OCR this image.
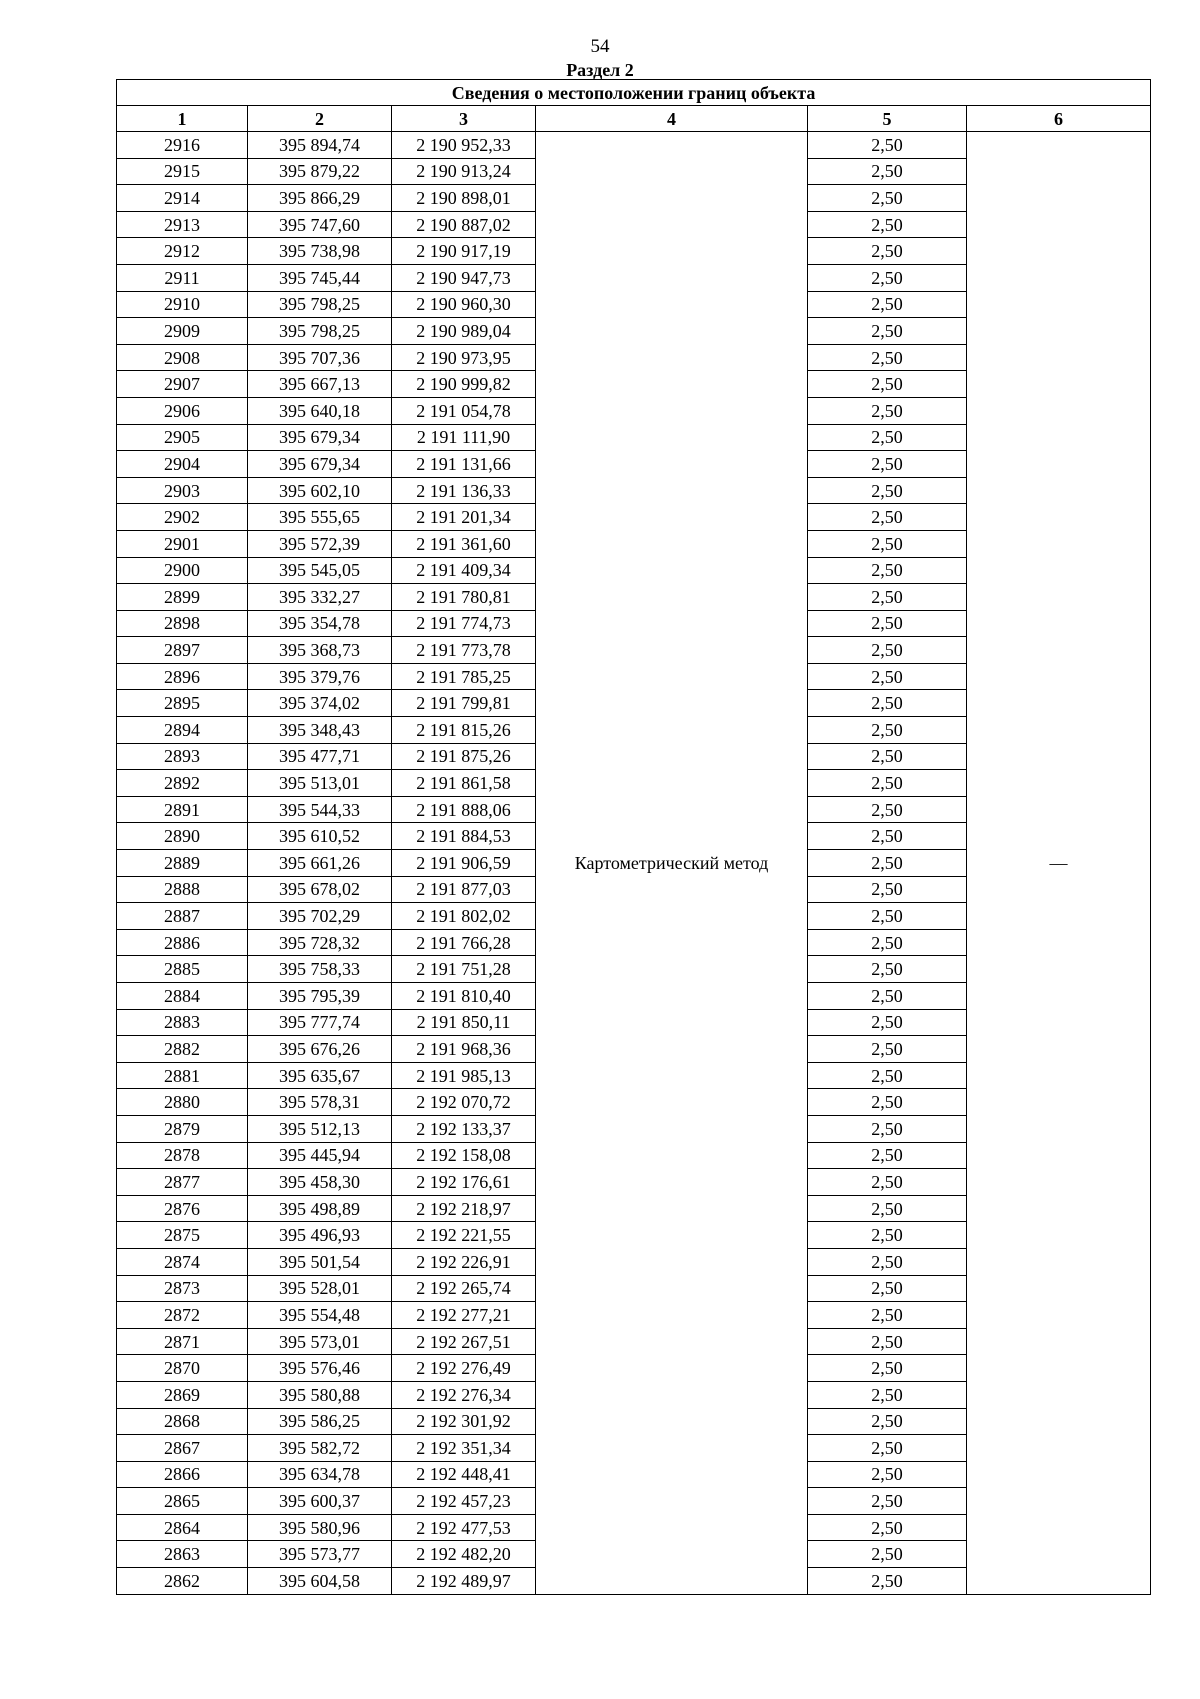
54
Раздел 2
Сведения о местоположении границ объекта					
1	2	3	4	5	6
2916	395 894,74	2 190 952,33	Картометрический метод	2,50	—
2915	395 879,22	2 190 913,24		2,50	
2914	395 866,29	2 190 898,01		2,50	
2913	395 747,60	2 190 887,02		2,50	
2912	395 738,98	2 190 917,19		2,50	
2911	395 745,44	2 190 947,73		2,50	
2910	395 798,25	2 190 960,30		2,50	
2909	395 798,25	2 190 989,04		2,50	
2908	395 707,36	2 190 973,95		2,50	
2907	395 667,13	2 190 999,82		2,50	
2906	395 640,18	2 191 054,78		2,50	
2905	395 679,34	2 191 111,90		2,50	
2904	395 679,34	2 191 131,66		2,50	
2903	395 602,10	2 191 136,33		2,50	
2902	395 555,65	2 191 201,34		2,50	
2901	395 572,39	2 191 361,60		2,50	
2900	395 545,05	2 191 409,34		2,50	
2899	395 332,27	2 191 780,81		2,50	
2898	395 354,78	2 191 774,73		2,50	
2897	395 368,73	2 191 773,78		2,50	
2896	395 379,76	2 191 785,25		2,50	
2895	395 374,02	2 191 799,81		2,50	
2894	395 348,43	2 191 815,26		2,50	
2893	395 477,71	2 191 875,26		2,50	
2892	395 513,01	2 191 861,58		2,50	
2891	395 544,33	2 191 888,06		2,50	
2890	395 610,52	2 191 884,53		2,50	
2889	395 661,26	2 191 906,59		2,50	
2888	395 678,02	2 191 877,03		2,50	
2887	395 702,29	2 191 802,02		2,50	
2886	395 728,32	2 191 766,28		2,50	
2885	395 758,33	2 191 751,28		2,50	
2884	395 795,39	2 191 810,40		2,50	
2883	395 777,74	2 191 850,11		2,50	
2882	395 676,26	2 191 968,36		2,50	
2881	395 635,67	2 191 985,13		2,50	
2880	395 578,31	2 192 070,72		2,50	
2879	395 512,13	2 192 133,37		2,50	
2878	395 445,94	2 192 158,08		2,50	
2877	395 458,30	2 192 176,61		2,50	
2876	395 498,89	2 192 218,97		2,50	
2875	395 496,93	2 192 221,55		2,50	
2874	395 501,54	2 192 226,91		2,50	
2873	395 528,01	2 192 265,74		2,50	
2872	395 554,48	2 192 277,21		2,50	
2871	395 573,01	2 192 267,51		2,50	
2870	395 576,46	2 192 276,49		2,50	
2869	395 580,88	2 192 276,34		2,50	
2868	395 586,25	2 192 301,92		2,50	
2867	395 582,72	2 192 351,34		2,50	
2866	395 634,78	2 192 448,41		2,50	
2865	395 600,37	2 192 457,23		2,50	
2864	395 580,96	2 192 477,53		2,50	
2863	395 573,77	2 192 482,20		2,50	
2862	395 604,58	2 192 489,97		2,50	
